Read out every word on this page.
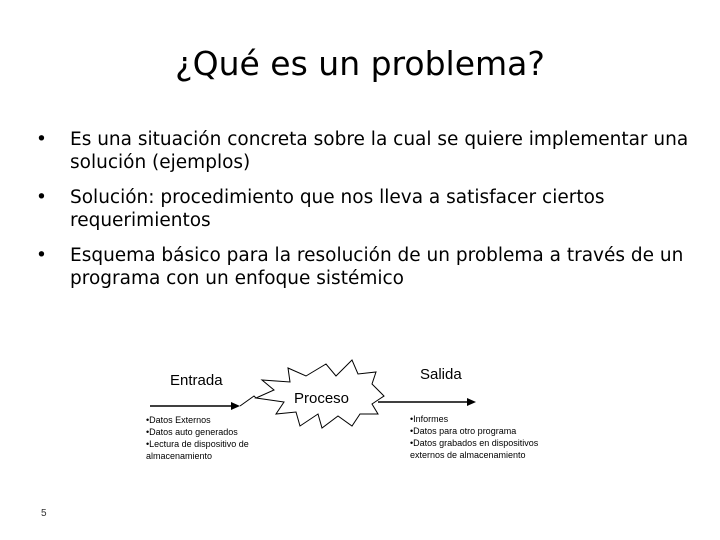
¿Qué es un problema?
• Es una situación concreta sobre la cual se quiere implementar una solución (ejemplos)
• Solución: procedimiento que nos lleva a satisfacer ciertos requerimientos
• Esquema básico para la resolución de un problema a través de un programa con un enfoque sistémico
Entrada
Proceso
Salida
•Datos Externos
•Datos auto generados
•Lectura de dispositivo de almacenamiento
•Informes
•Datos para otro programa
•Datos grabados en dispositivos externos de almacenamiento
5
